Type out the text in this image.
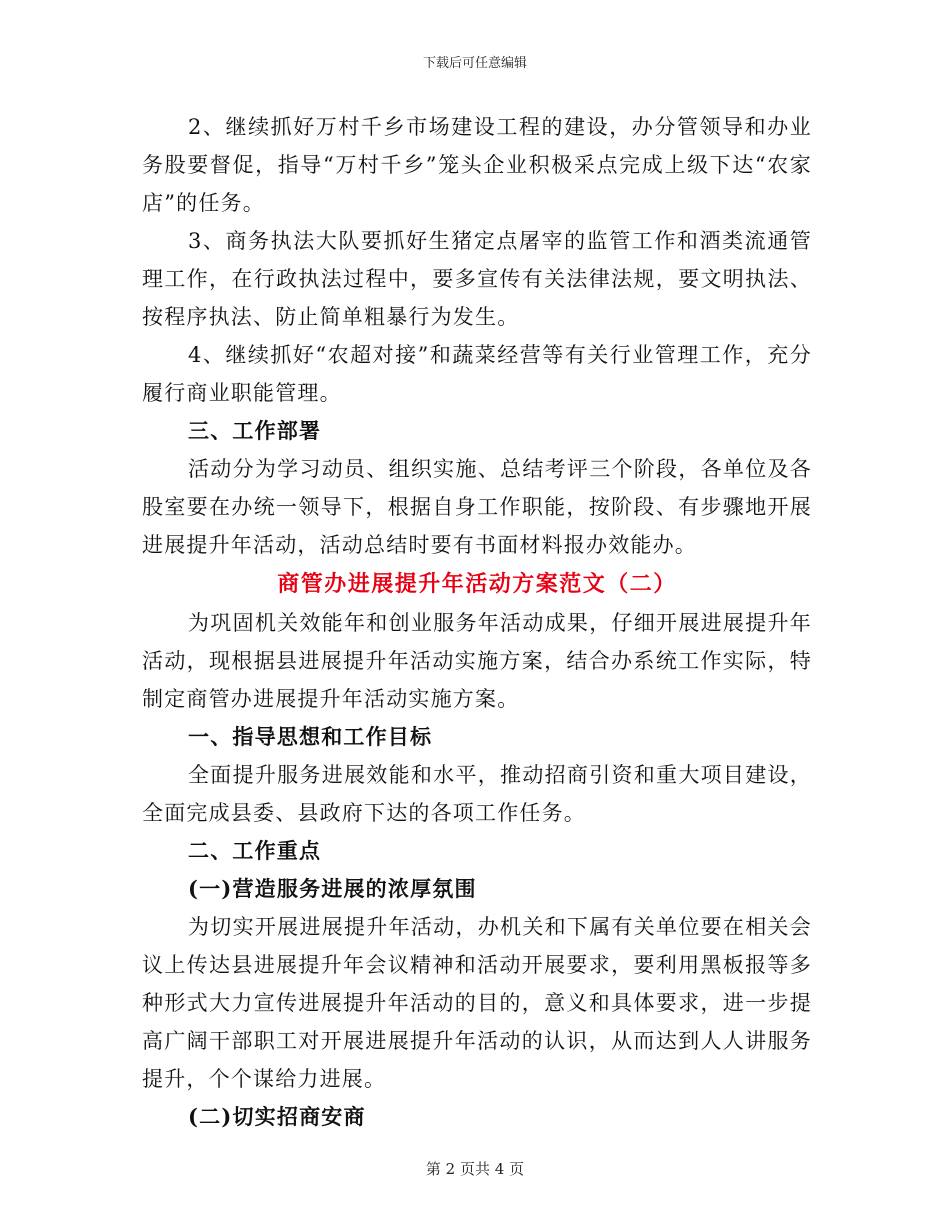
下载后可任意编辑

2、继续抓好万村千乡市场建设工程的建设，办分管领导和办业务股要督促，指导“万村千乡”笼头企业积极采点完成上级下达“农家店”的任务。

3、商务执法大队要抓好生猪定点屠宰的监管工作和酒类流通管理工作，在行政执法过程中，要多宣传有关法律法规，要文明执法、按程序执法、防止简单粗暴行为发生。

4、继续抓好“农超对接”和蔬菜经营等有关行业管理工作，充分履行商业职能管理。

三、工作部署

活动分为学习动员、组织实施、总结考评三个阶段，各单位及各股室要在办统一领导下，根据自身工作职能，按阶段、有步骤地开展进展提升年活动，活动总结时要有书面材料报办效能办。

商管办进展提升年活动方案范文（二）

为巩固机关效能年和创业服务年活动成果，仔细开展进展提升年活动，现根据县进展提升年活动实施方案，结合办系统工作实际，特制定商管办进展提升年活动实施方案。

一、指导思想和工作目标

全面提升服务进展效能和水平，推动招商引资和重大项目建设，全面完成县委、县政府下达的各项工作任务。

二、工作重点

(一)营造服务进展的浓厚氛围

为切实开展进展提升年活动，办机关和下属有关单位要在相关会议上传达县进展提升年会议精神和活动开展要求，要利用黑板报等多种形式大力宣传进展提升年活动的目的，意义和具体要求，进一步提高广阔干部职工对开展进展提升年活动的认识，从而达到人人讲服务提升，个个谋给力进展。

(二)切实招商安商

第 2 页共 4 页
